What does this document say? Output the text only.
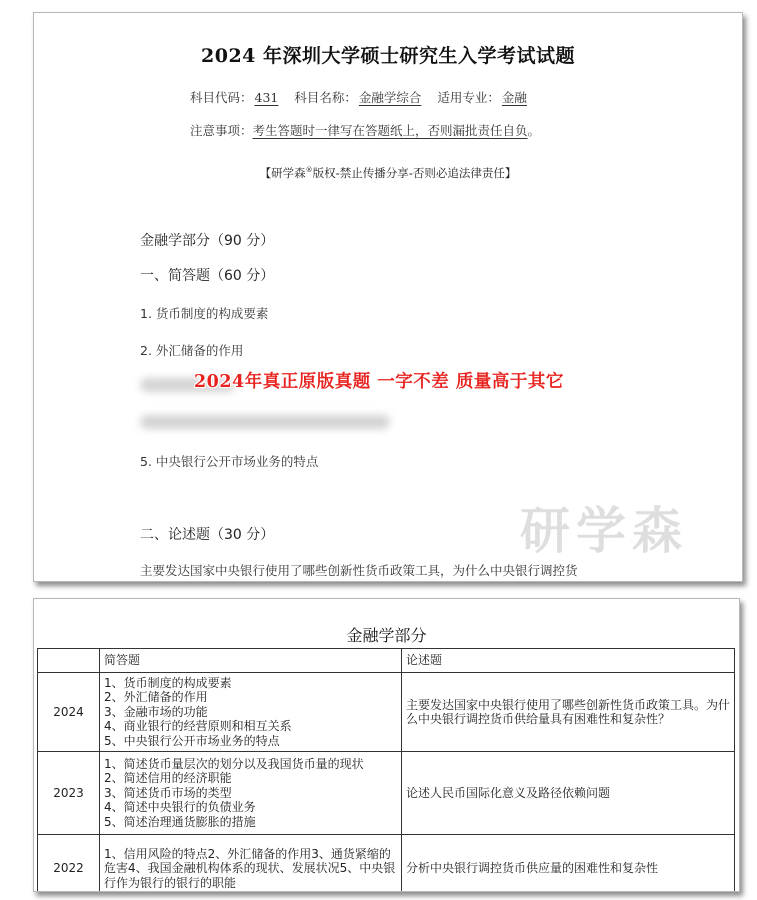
2024 年深圳大学硕士研究生入学考试试题
科目代码： 431 科目名称： 金融学综合 适用专业： 金融
注意事项：考生答题时一律写在答题纸上，否则漏批责任自负。
【研学森®版权-禁止传播分享-否则必追法律责任】
金融学部分（90 分）
一、简答题（60 分）
1. 货币制度的构成要素
2. 外汇储备的作用
2024年真正原版真题 一字不差 质量高于其它
5. 中央银行公开市场业务的特点
二、论述题（30 分）
主要发达国家中央银行使用了哪些创新性货币政策工具，为什么中央银行调控货
研学森
金融学部分
	简答题	论述题
2024	1、货币制度的构成要素
2、外汇储备的作用
3、金融市场的功能
4、商业银行的经营原则和相互关系
5、中央银行公开市场业务的特点	主要发达国家中央银行使用了哪些创新性货币政策工具。为什么中央银行调控货币供给量具有困难性和复杂性？
2023	1、简述货币量层次的划分以及我国货币量的现状
2、简述信用的经济职能
3、简述货币市场的类型
4、简述中央银行的负债业务
5、简述治理通货膨胀的措施	论述人民币国际化意义及路径依赖问题
2022	1、信用风险的特点2、外汇储备的作用3、通货紧缩的危害4、我国金融机构体系的现状、发展状况5、中央银行作为银行的银行的职能	分析中央银行调控货币供应量的困难性和复杂性
